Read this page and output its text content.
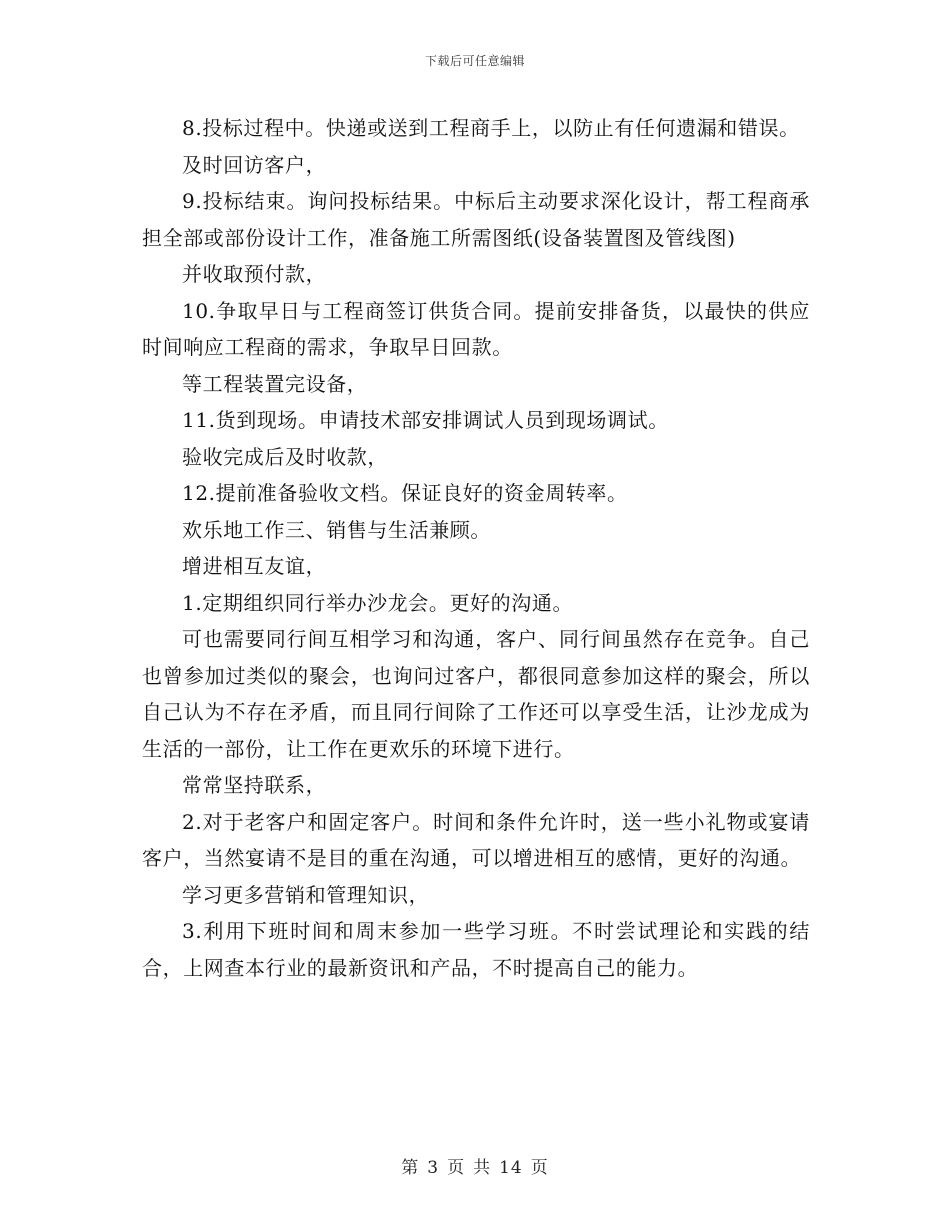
下载后可任意编辑

8.投标过程中。快递或送到工程商手上，以防止有任何遗漏和错误。

及时回访客户，

9.投标结束。询问投标结果。中标后主动要求深化设计，帮工程商承担全部或部份设计工作，准备施工所需图纸(设备装置图及管线图)

并收取预付款，

10.争取早日与工程商签订供货合同。提前安排备货，以最快的供应时间响应工程商的需求，争取早日回款。

等工程装置完设备，

11.货到现场。申请技术部安排调试人员到现场调试。

验收完成后及时收款，

12.提前准备验收文档。保证良好的资金周转率。

欢乐地工作三、销售与生活兼顾。

增进相互友谊，

1.定期组织同行举办沙龙会。更好的沟通。

可也需要同行间互相学习和沟通，客户、同行间虽然存在竞争。自己也曾参加过类似的聚会，也询问过客户，都很同意参加这样的聚会，所以自己认为不存在矛盾，而且同行间除了工作还可以享受生活，让沙龙成为生活的一部份，让工作在更欢乐的环境下进行。

常常坚持联系，

2.对于老客户和固定客户。时间和条件允许时，送一些小礼物或宴请客户，当然宴请不是目的重在沟通，可以增进相互的感情，更好的沟通。

学习更多营销和管理知识，

3.利用下班时间和周末参加一些学习班。不时尝试理论和实践的结合，上网查本行业的最新资讯和产品，不时提高自己的能力。

第 3 页 共 14 页
